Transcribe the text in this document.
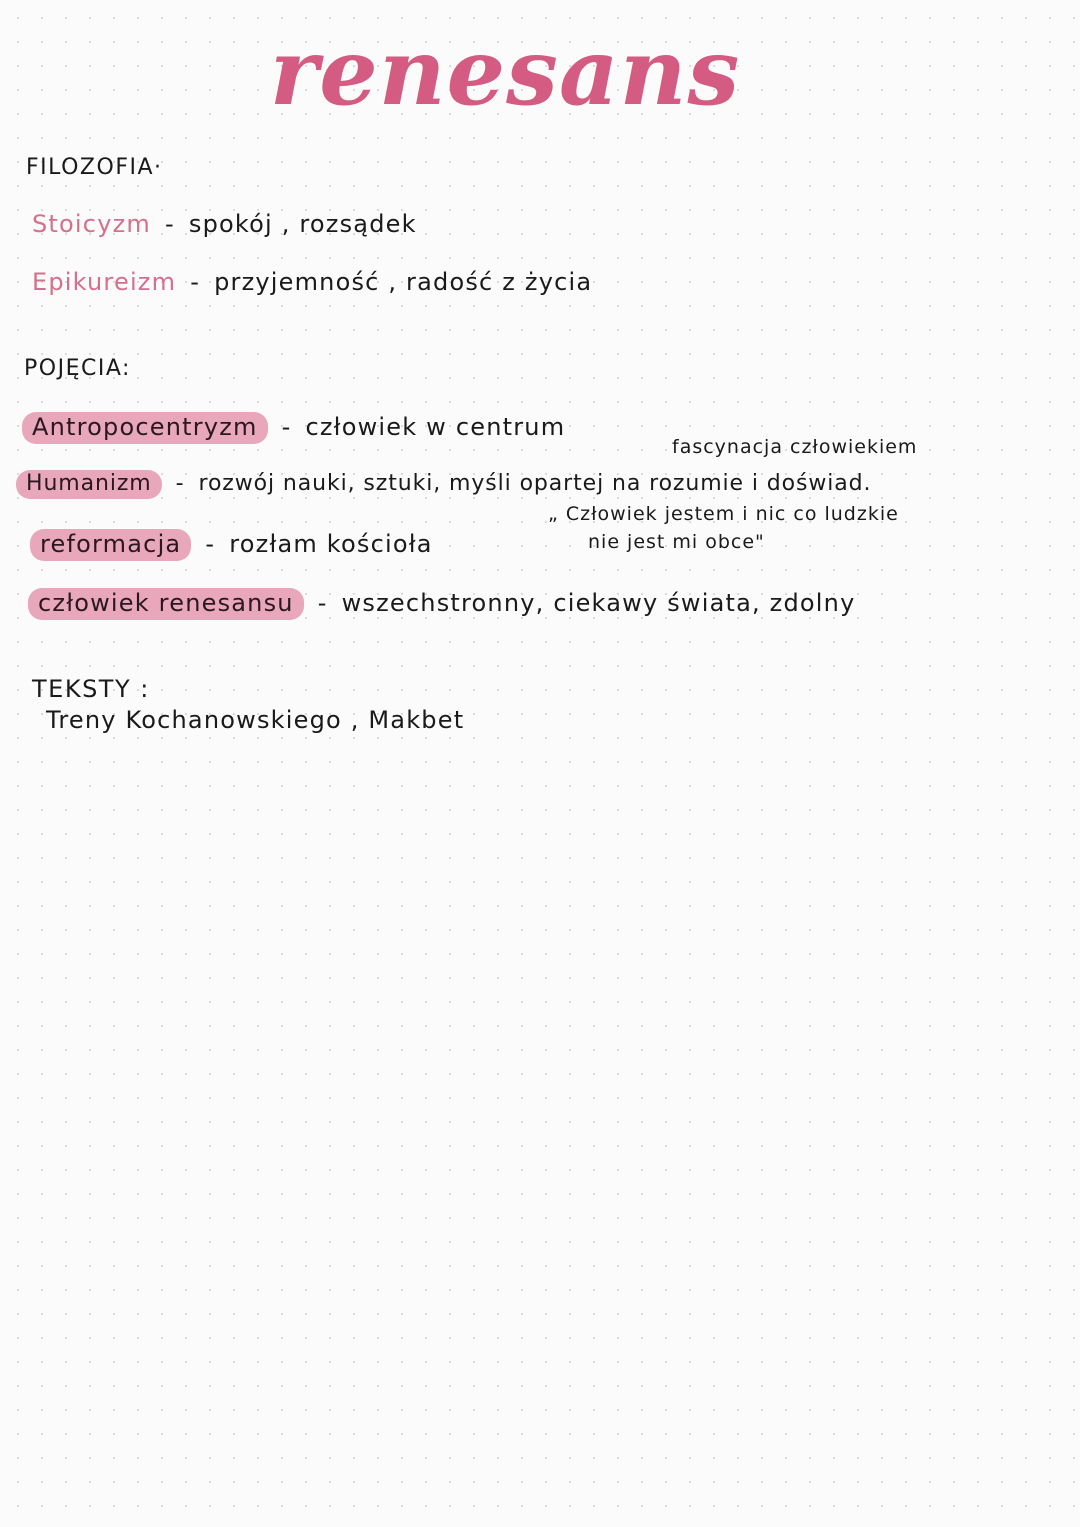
renesans
FILOZOFIA·
Stoicyzm - spokój , rozsądek
Epikureizm - przyjemność , radość z życia
POJĘCIA:
Antropocentryzm - człowiek w centrum
fascynacja człowiekiem
Humanizm - rozwój nauki, sztuki, myśli opartej na rozumie i doświad.
„ Człowiek jestem i nic co ludzkie
nie jest mi obce"
reformacja - rozłam kościoła
człowiek renesansu - wszechstronny, ciekawy świata, zdolny
TEKSTY :
Treny Kochanowskiego , Makbet
